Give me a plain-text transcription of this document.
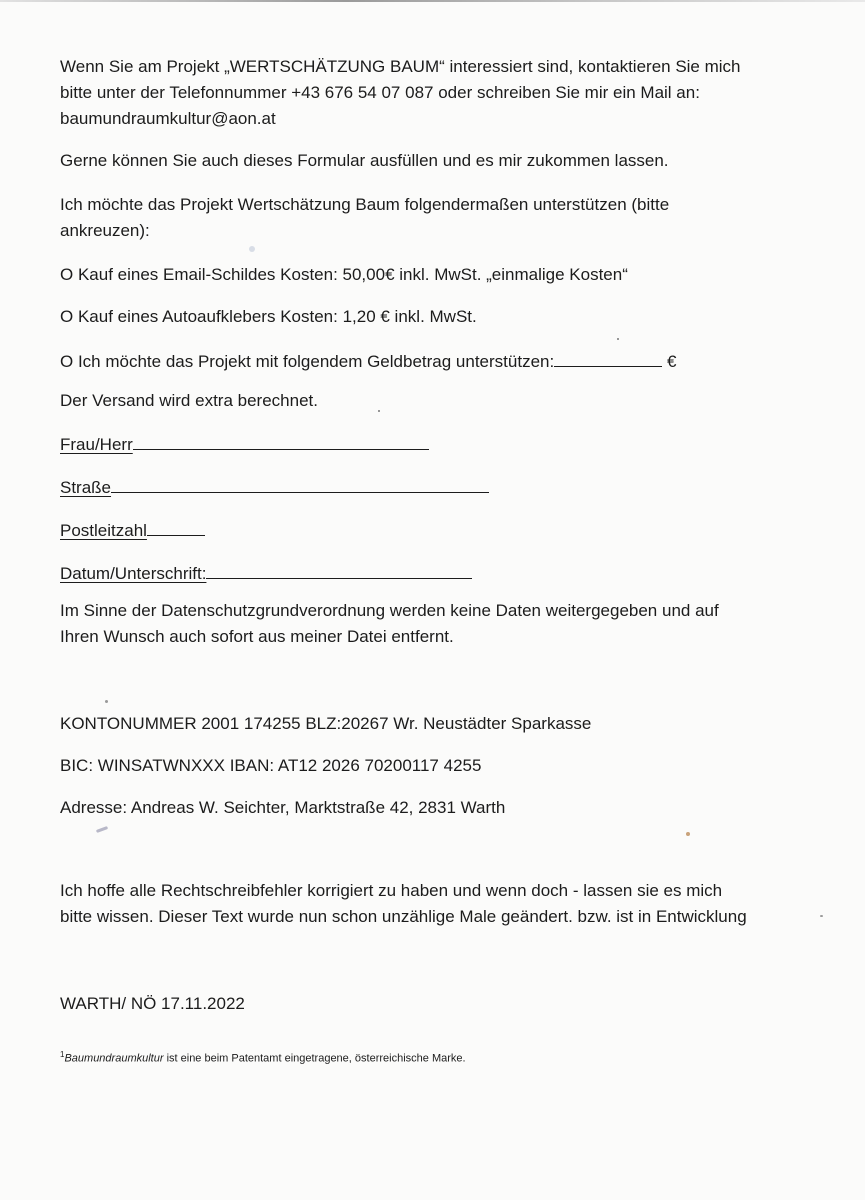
Wenn Sie am Projekt „WERTSCHÄTZUNG BAUM“ interessiert sind, kontaktieren Sie mich
bitte unter der Telefonnummer +43 676 54 07 087 oder schreiben Sie mir ein Mail an:
baumundraumkultur@aon.at
Gerne können Sie auch dieses Formular ausfüllen und es mir zukommen lassen.
Ich möchte das Projekt Wertschätzung Baum folgendermaßen unterstützen (bitte
ankreuzen):
O Kauf eines Email-Schildes Kosten: 50,00€ inkl. MwSt. „einmalige Kosten“
O Kauf eines Autoaufklebers Kosten: 1,20 € inkl. MwSt.
O Ich möchte das Projekt mit folgendem Geldbetrag unterstützen:	€
Der Versand wird extra berechnet.
Frau/Herr
Straße
Postleitzahl
Datum/Unterschrift:
Im Sinne der Datenschutzgrundverordnung werden keine Daten weitergegeben und auf
Ihren Wunsch auch sofort aus meiner Datei entfernt.
KONTONUMMER 2001 174255 BLZ:20267 Wr. Neustädter Sparkasse
BIC: WINSATWNXXX IBAN: AT12 2026 70200117 4255
Adresse: Andreas W. Seichter, Marktstraße 42, 2831 Warth
Ich hoffe alle Rechtschreibfehler korrigiert zu haben und wenn doch - lassen sie es mich
bitte wissen. Dieser Text wurde nun schon unzählige Male geändert. bzw. ist in Entwicklung
WARTH/ NÖ 17.11.2022
$^1$Baumundraumkultur ist eine beim Patentamt eingetragene, österreichische Marke.
